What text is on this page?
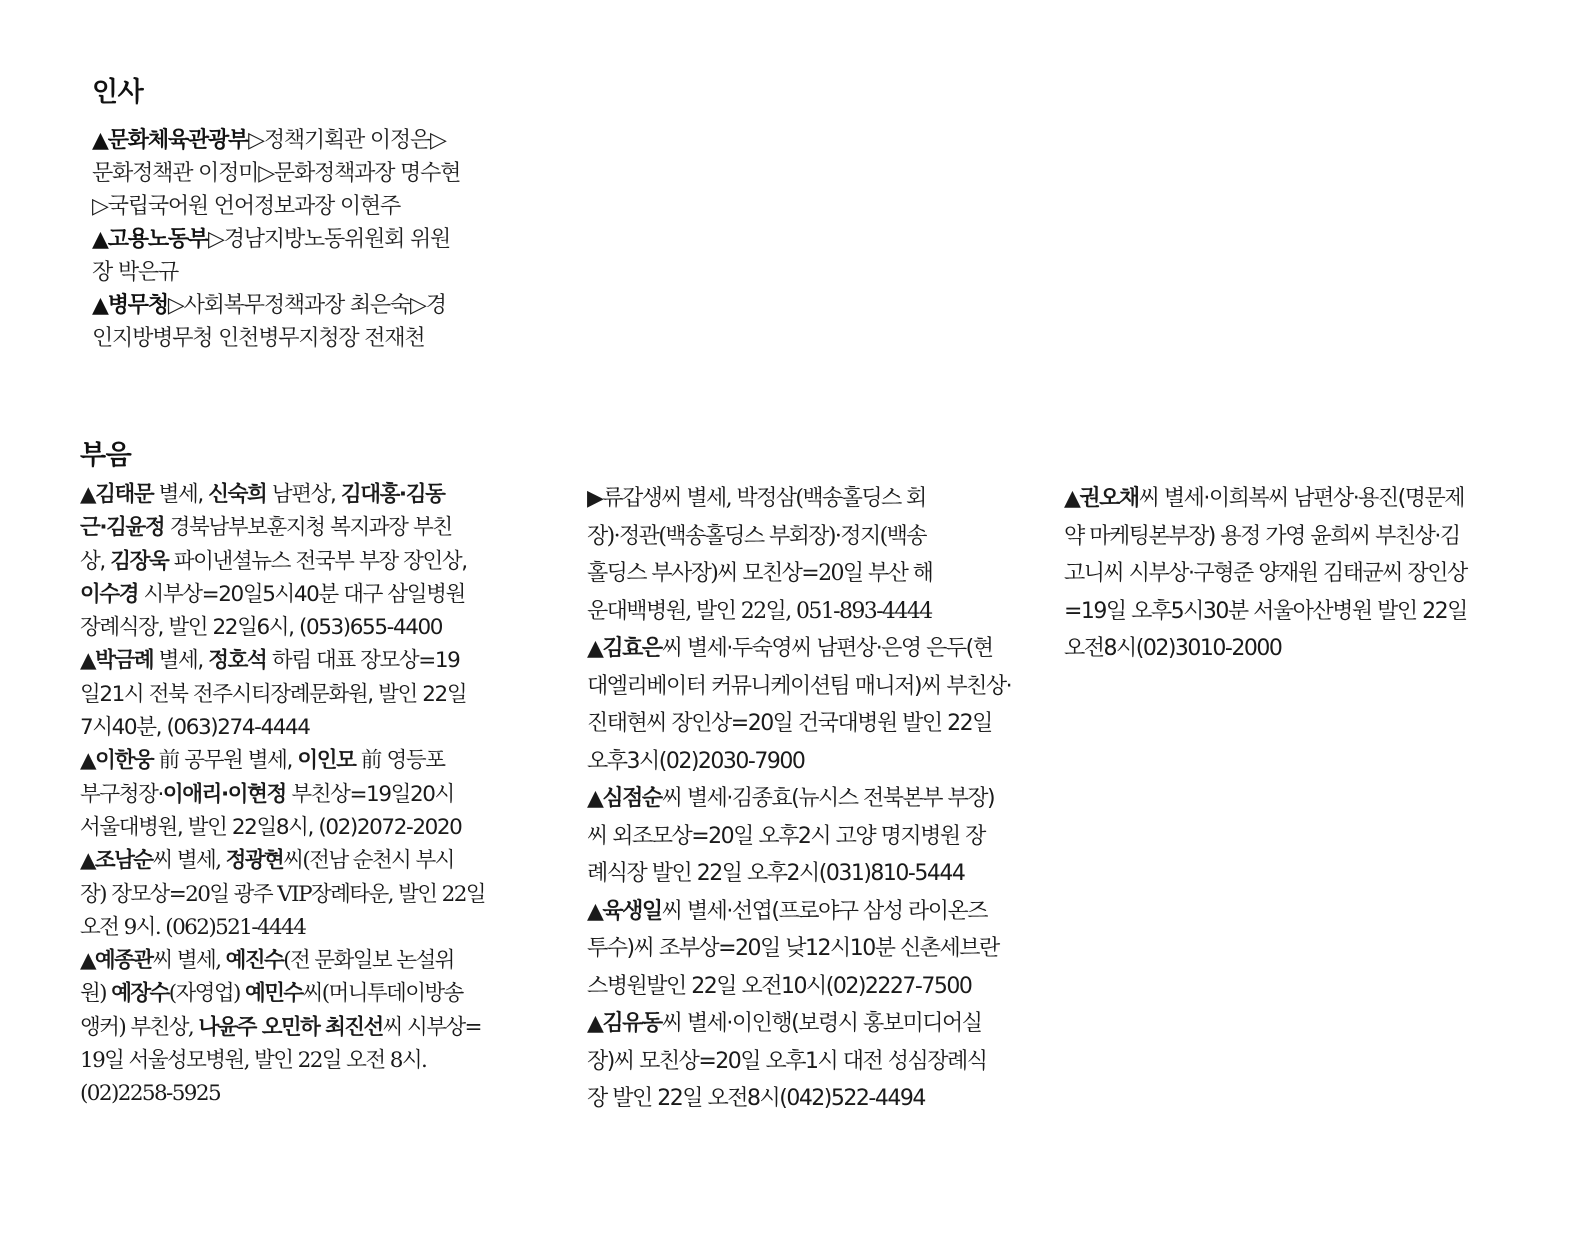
인사
▲문화체육관광부▷정책기획관 이정은▷
문화정책관 이정미▷문화정책과장 명수현
▷국립국어원 언어정보과장 이현주
▲고용노동부▷경남지방노동위원회 위원
장 박은규
▲병무청▷사회복무정책과장 최은숙▷경
인지방병무청 인천병무지청장 전재천
부음
▲김태문 별세, 신숙희 남편상, 김대홍·김동
근·김윤정 경북남부보훈지청 복지과장 부친
상, 김장욱 파이낸셜뉴스 전국부 부장 장인상,
이수경 시부상=20일5시40분 대구 삼일병원
장례식장, 발인 22일6시, (053)655-4400
▲박금례 별세, 정호석 하림 대표 장모상=19
일21시 전북 전주시티장례문화원, 발인 22일
7시40분, (063)274-4444
▲이한웅 前 공무원 별세, 이인모 前 영등포
부구청장·이애리·이현정 부친상=19일20시
서울대병원, 발인 22일8시, (02)2072-2020
▲조남순씨 별세, 정광현씨(전남 순천시 부시
장) 장모상=20일 광주 VIP장례타운, 발인 22일
오전 9시. (062)521-4444
▲예종관씨 별세, 예진수(전 문화일보 논설위
원) 예장수(자영업) 예민수씨(머니투데이방송
앵커) 부친상, 나윤주 오민하 최진선씨 시부상=
19일 서울성모병원, 발인 22일 오전 8시.
(02)2258-5925
▶류갑생씨 별세, 박정삼(백송홀딩스 회
장)·정관(백송홀딩스 부회장)·정지(백송
홀딩스 부사장)씨 모친상=20일 부산 해
운대백병원, 발인 22일, 051-893-4444
▲김효은씨 별세·두숙영씨 남편상·은영 은두(현
대엘리베이터 커뮤니케이션팀 매니저)씨 부친상·
진태현씨 장인상=20일 건국대병원 발인 22일
오후3시(02)2030-7900
▲심점순씨 별세·김종효(뉴시스 전북본부 부장)
씨 외조모상=20일 오후2시 고양 명지병원 장
례식장 발인 22일 오후2시(031)810-5444
▲육생일씨 별세·선엽(프로야구 삼성 라이온즈
투수)씨 조부상=20일 낮12시10분 신촌세브란
스병원발인 22일 오전10시(02)2227-7500
▲김유동씨 별세·이인행(보령시 홍보미디어실
장)씨 모친상=20일 오후1시 대전 성심장례식
장 발인 22일 오전8시(042)522-4494
▲권오채씨 별세·이희복씨 남편상·용진(명문제
약 마케팅본부장) 용정 가영 윤희씨 부친상·김
고니씨 시부상·구형준 양재원 김태균씨 장인상
=19일 오후5시30분 서울아산병원 발인 22일
오전8시(02)3010-2000
